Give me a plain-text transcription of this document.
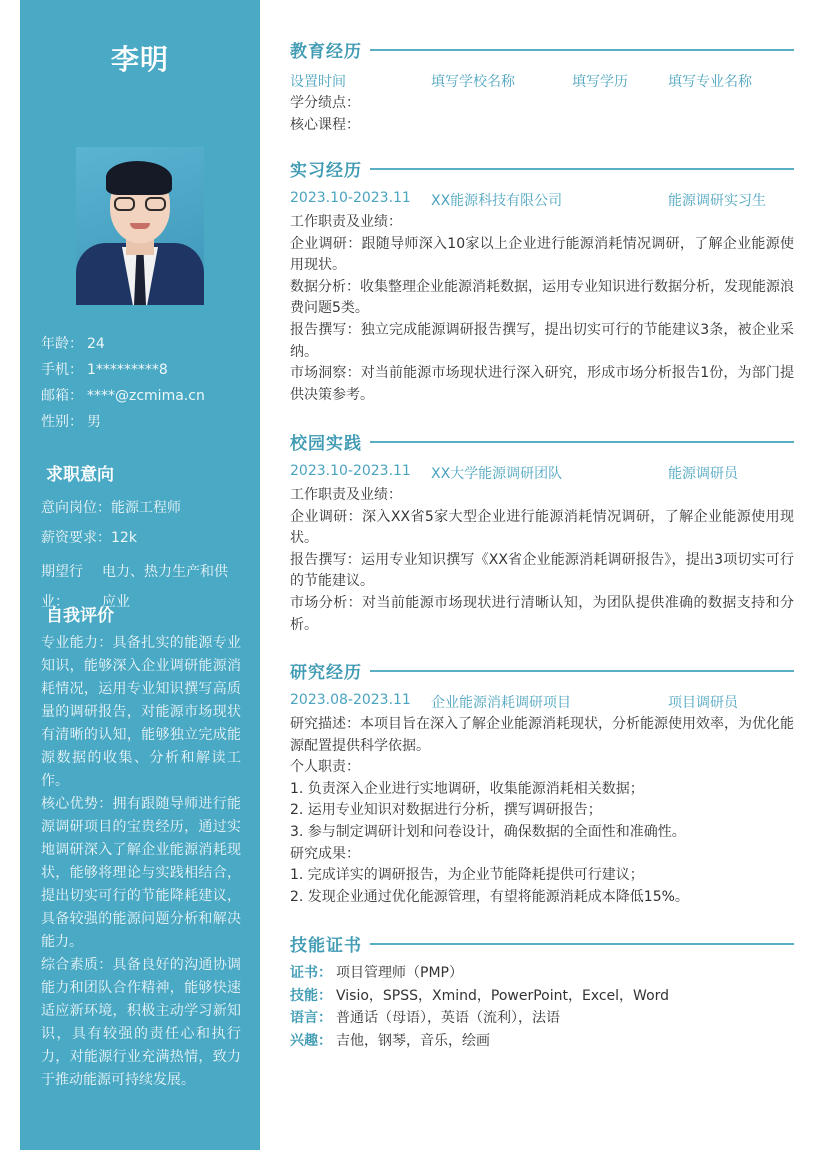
李明
年龄： 24
手机： 1*********8
邮箱： ****@zcmima.cn
性别： 男
求职意向
意向岗位：能源工程师
薪资要求：12k
期望行业：
电力、热力生产和供应业
自我评价

专业能力：具备扎实的能源专业知识，能够深入企业调研能源消耗情况，运用专业知识撰写高质量的调研报告，对能源市场现状有清晰的认知，能够独立完成能源数据的收集、分析和解读工作。

核心优势：拥有跟随导师进行能源调研项目的宝贵经历，通过实地调研深入了解企业能源消耗现状，能够将理论与实践相结合，提出切实可行的节能降耗建议，具备较强的能源问题分析和解决能力。

综合素质：具备良好的沟通协调能力和团队合作精神，能够快速适应新环境，积极主动学习新知识，具有较强的责任心和执行力，对能源行业充满热情，致力于推动能源可持续发展。

教育经历
设置时间	填写学校名称	填写学历	填写专业名称
学分绩点：
核心课程：
实习经历
2023.10-2023.11	XX能源科技有限公司	能源调研实习生
工作职责及业绩：
企业调研：跟随导师深入10家以上企业进行能源消耗情况调研，了解企业能源使用现状。
数据分析：收集整理企业能源消耗数据，运用专业知识进行数据分析，发现能源浪费问题5类。
报告撰写：独立完成能源调研报告撰写，提出切实可行的节能建议3条，被企业采纳。
市场洞察：对当前能源市场现状进行深入研究，形成市场分析报告1份，为部门提供决策参考。
校园实践
2023.10-2023.11	XX大学能源调研团队	能源调研员
工作职责及业绩：
企业调研：深入XX省5家大型企业进行能源消耗情况调研，了解企业能源使用现状。
报告撰写：运用专业知识撰写《XX省企业能源消耗调研报告》，提出3项切实可行的节能建议。
市场分析：对当前能源市场现状进行清晰认知，为团队提供准确的数据支持和分析。
研究经历
2023.08-2023.11	企业能源消耗调研项目	项目调研员
研究描述：本项目旨在深入了解企业能源消耗现状，分析能源使用效率，为优化能源配置提供科学依据。
个人职责：
1. 负责深入企业进行实地调研，收集能源消耗相关数据；
2. 运用专业知识对数据进行分析，撰写调研报告；
3. 参与制定调研计划和问卷设计，确保数据的全面性和准确性。
研究成果：
1. 完成详实的调研报告，为企业节能降耗提供可行建议；
2. 发现企业通过优化能源管理，有望将能源消耗成本降低15%。
技能证书
证书： 项目管理师（PMP）
技能： Visio，SPSS，Xmind，PowerPoint，Excel，Word
语言： 普通话（母语），英语（流利），法语
兴趣： 吉他，钢琴，音乐，绘画
